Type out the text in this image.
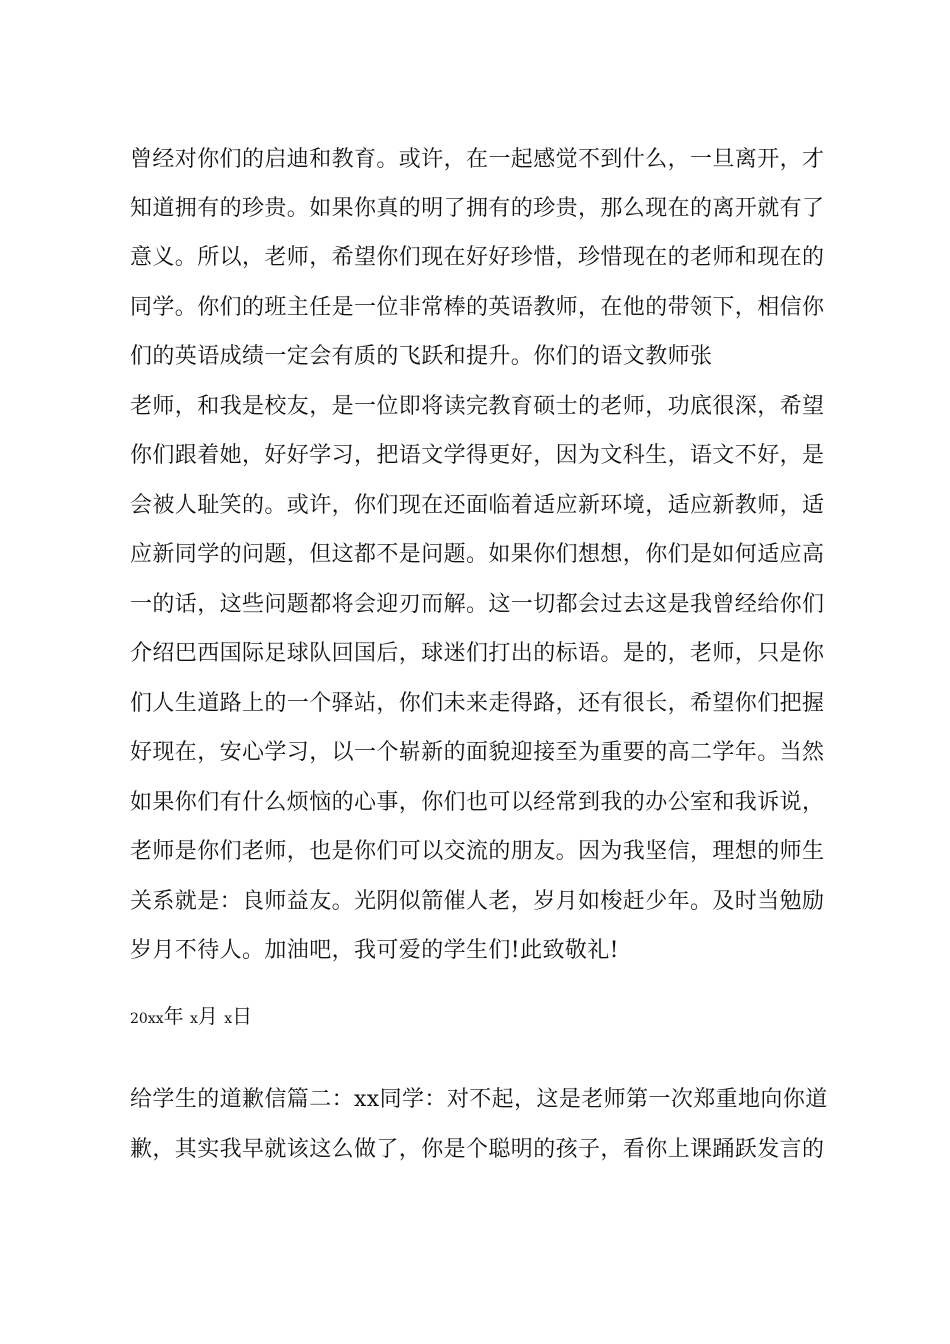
曾经对你们的启迪和教育。或许，在一起感觉不到什么，一旦离开，才
知道拥有的珍贵。如果你真的明了拥有的珍贵，那么现在的离开就有了
意义。所以，老师，希望你们现在好好珍惜，珍惜现在的老师和现在的
同学。你们的班主任是一位非常棒的英语教师，在他的带领下，相信你
们的英语成绩一定会有质的飞跃和提升。你们的语文教师张
老师，和我是校友，是一位即将读完教育硕士的老师，功底很深，希望
你们跟着她，好好学习，把语文学得更好，因为文科生，语文不好，是
会被人耻笑的。或许，你们现在还面临着适应新环境，适应新教师，适
应新同学的问题，但这都不是问题。如果你们想想，你们是如何适应高
一的话，这些问题都将会迎刃而解。这一切都会过去这是我曾经给你们
介绍巴西国际足球队回国后，球迷们打出的标语。是的，老师，只是你
们人生道路上的一个驿站，你们未来走得路，还有很长，希望你们把握
好现在，安心学习，以一个崭新的面貌迎接至为重要的高二学年。当然
如果你们有什么烦恼的心事，你们也可以经常到我的办公室和我诉说，
老师是你们老师，也是你们可以交流的朋友。因为我坚信，理想的师生
关系就是：良师益友。光阴似箭催人老，岁月如梭赶少年。及时当勉励
岁月不待人。加油吧，我可爱的学生们!此致敬礼!
20xx年 x月 x日
给学生的道歉信篇二：xx同学：对不起，这是老师第一次郑重地向你道
歉，其实我早就该这么做了，你是个聪明的孩子，看你上课踊跃发言的
